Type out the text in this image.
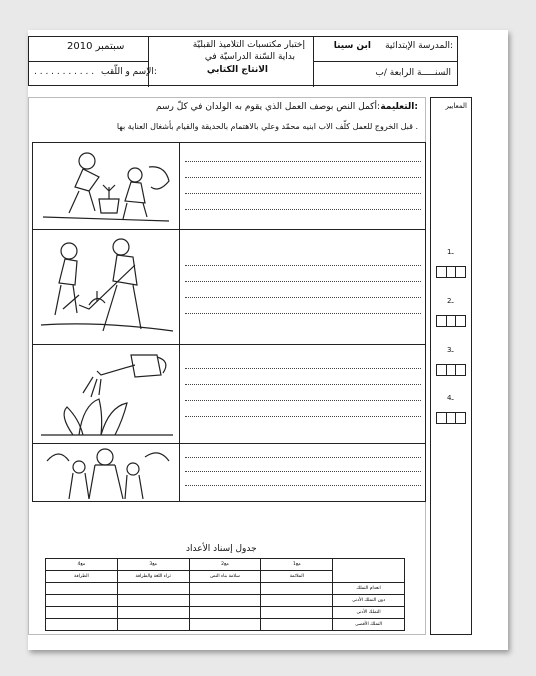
سبتمبر 2010
. . . . . . . . . . . الإسم و اللّقب:
إختبار مكتسبات التلاميذ القبليّة
بداية السّنة الدراسيّة في
الانتاج الكتابي
المدرسة الإبتدائية:
ابن سينا
السنـــــة الرابعة /ب
المعايير
1ـ
2ـ
3ـ
4ـ
التعليمة:
أكمل النص بوصف العمل الذي يقوم به الولدان في كلّ رسم:
قبل الخروج للعمل كلّف الاب ابنيه محمّد وعلي بالاهتمام بالحديقة والقيام بأشغال العناية بها .
جدول إسناد الأعداد
مع4	مع3	مع2	مع1	
الطرافة	ثراء اللغة والطرافة	سلامة بناء النص	الملائمة	
				انعدام التملك
				دون التملك الأدنى
				التملك الأدنى
				التملك الأقصى
